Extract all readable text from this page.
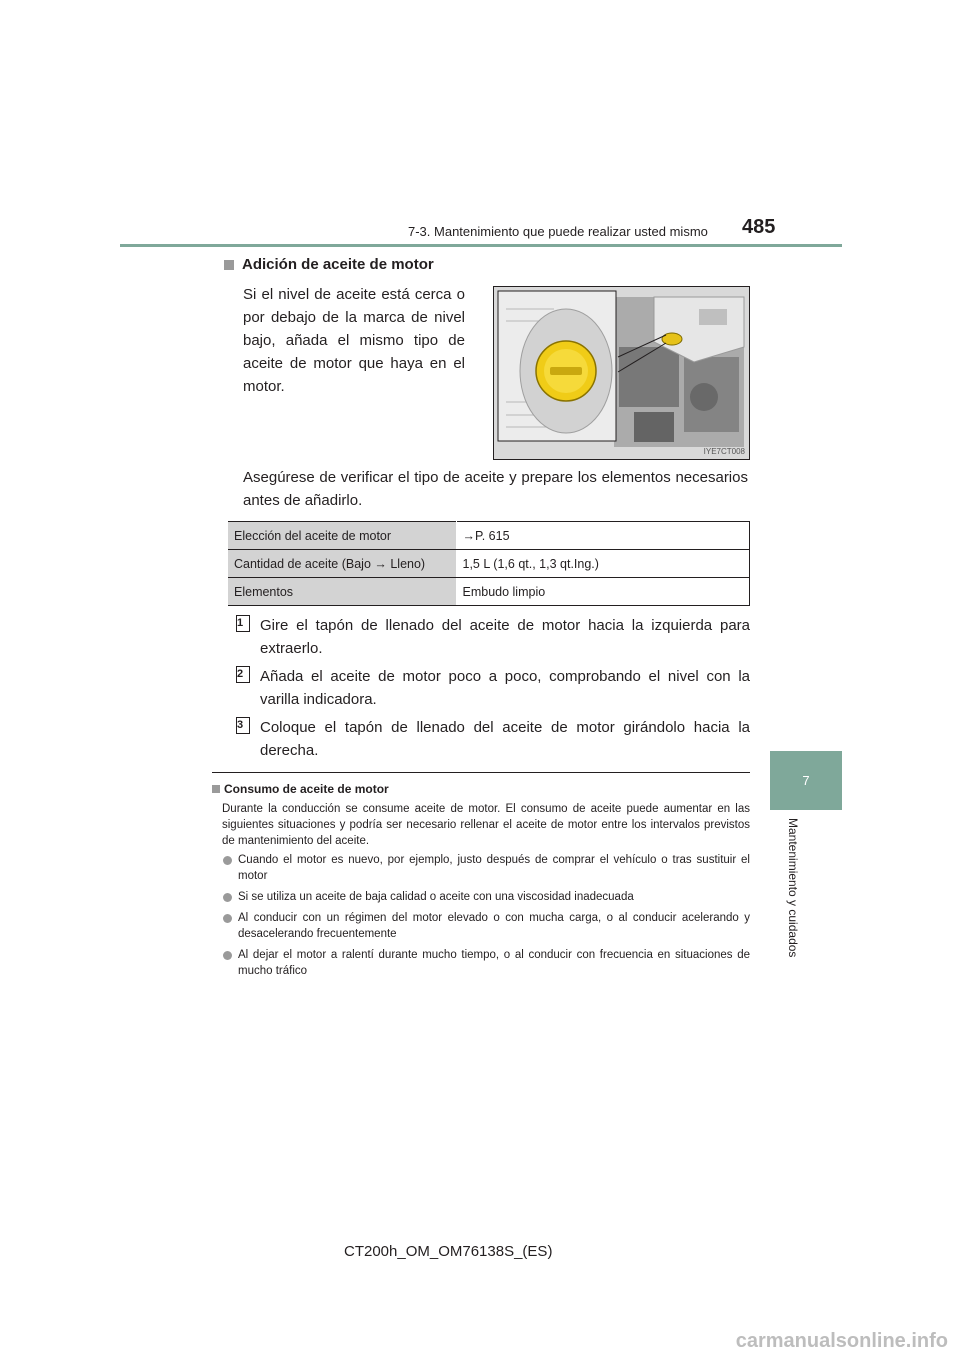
7-3. Mantenimiento que puede realizar usted mismo 485
7
Mantenimiento y cuidados
Adición de aceite de motor
Si el nivel de aceite está cerca o por debajo de la marca de nivel bajo, añada el mismo tipo de aceite de motor que haya en el motor.
IYE7CT008
Asegúrese de verificar el tipo de aceite y prepare los elementos necesarios antes de añadirlo.
Elección del aceite de motor	→P. 615
Cantidad de aceite (Bajo → Lleno)	1,5 L (1,6 qt., 1,3 qt.Ing.)
Elementos	Embudo limpio
1	Gire el tapón de llenado del aceite de motor hacia la izquierda para extraerlo.
2	Añada el aceite de motor poco a poco, comprobando el nivel con la varilla indicadora.
3	Coloque el tapón de llenado del aceite de motor girándolo hacia la derecha.
Consumo de aceite de motor
Durante la conducción se consume aceite de motor. El consumo de aceite puede aumentar en las siguientes situaciones y podría ser necesario rellenar el aceite de motor entre los intervalos previstos de mantenimiento del aceite.
Cuando el motor es nuevo, por ejemplo, justo después de comprar el vehículo o tras sustituir el motor
Si se utiliza un aceite de baja calidad o aceite con una viscosidad inadecuada
Al conducir con un régimen del motor elevado o con mucha carga, o al conducir acelerando y desacelerando frecuentemente
Al dejar el motor a ralentí durante mucho tiempo, o al conducir con frecuencia en situaciones de mucho tráfico
CT200h_OM_OM76138S_(ES)
carmanualsonline.info
